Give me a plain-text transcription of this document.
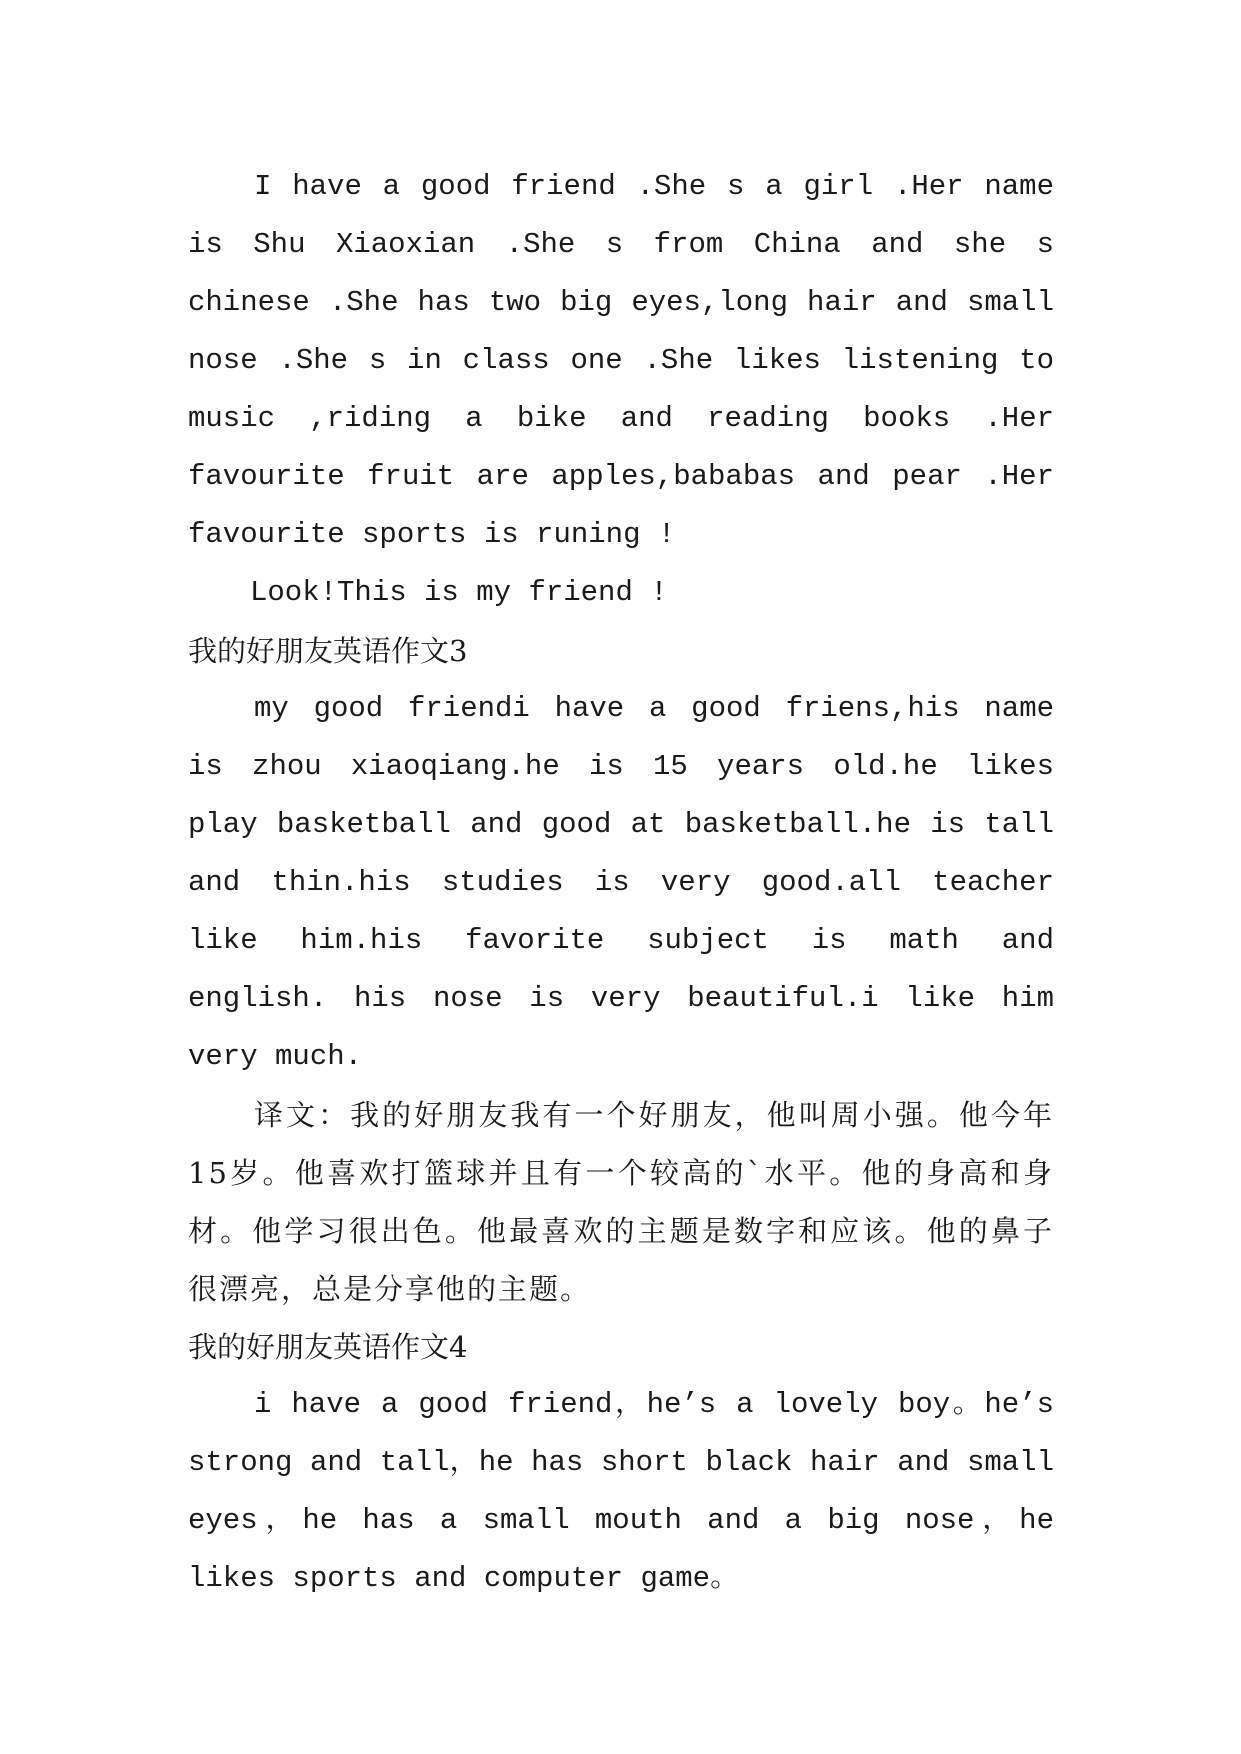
I have a good friend .She s a girl .Her name is Shu Xiaoxian .She s from China and she s chinese .She has two big eyes,long hair and small nose .She s in class one .She likes listening to music ,riding a bike and reading books .Her favourite fruit are apples,bababas and pear .Her favourite sports is runing !

Look!This is my friend !

我的好朋友英语作文3

my good friendi have a good friens,his name is zhou xiaoqiang.he is 15 years old.he likes play basketball and good at basketball.he is tall and thin.his studies is very good.all teacher like him.his favorite subject is math and english. his nose is very beautiful.i like him very much.

译文：我的好朋友我有一个好朋友，他叫周小强。他今年15岁。他喜欢打篮球并且有一个较高的`水平。他的身高和身材。他学习很出色。他最喜欢的主题是数字和应该。他的鼻子很漂亮，总是分享他的主题。

我的好朋友英语作文4

i have a good friend，he’s a lovely boy。he’s strong and tall，he has short black hair and small eyes，he has a small mouth and a big nose，he likes sports and computer game。
